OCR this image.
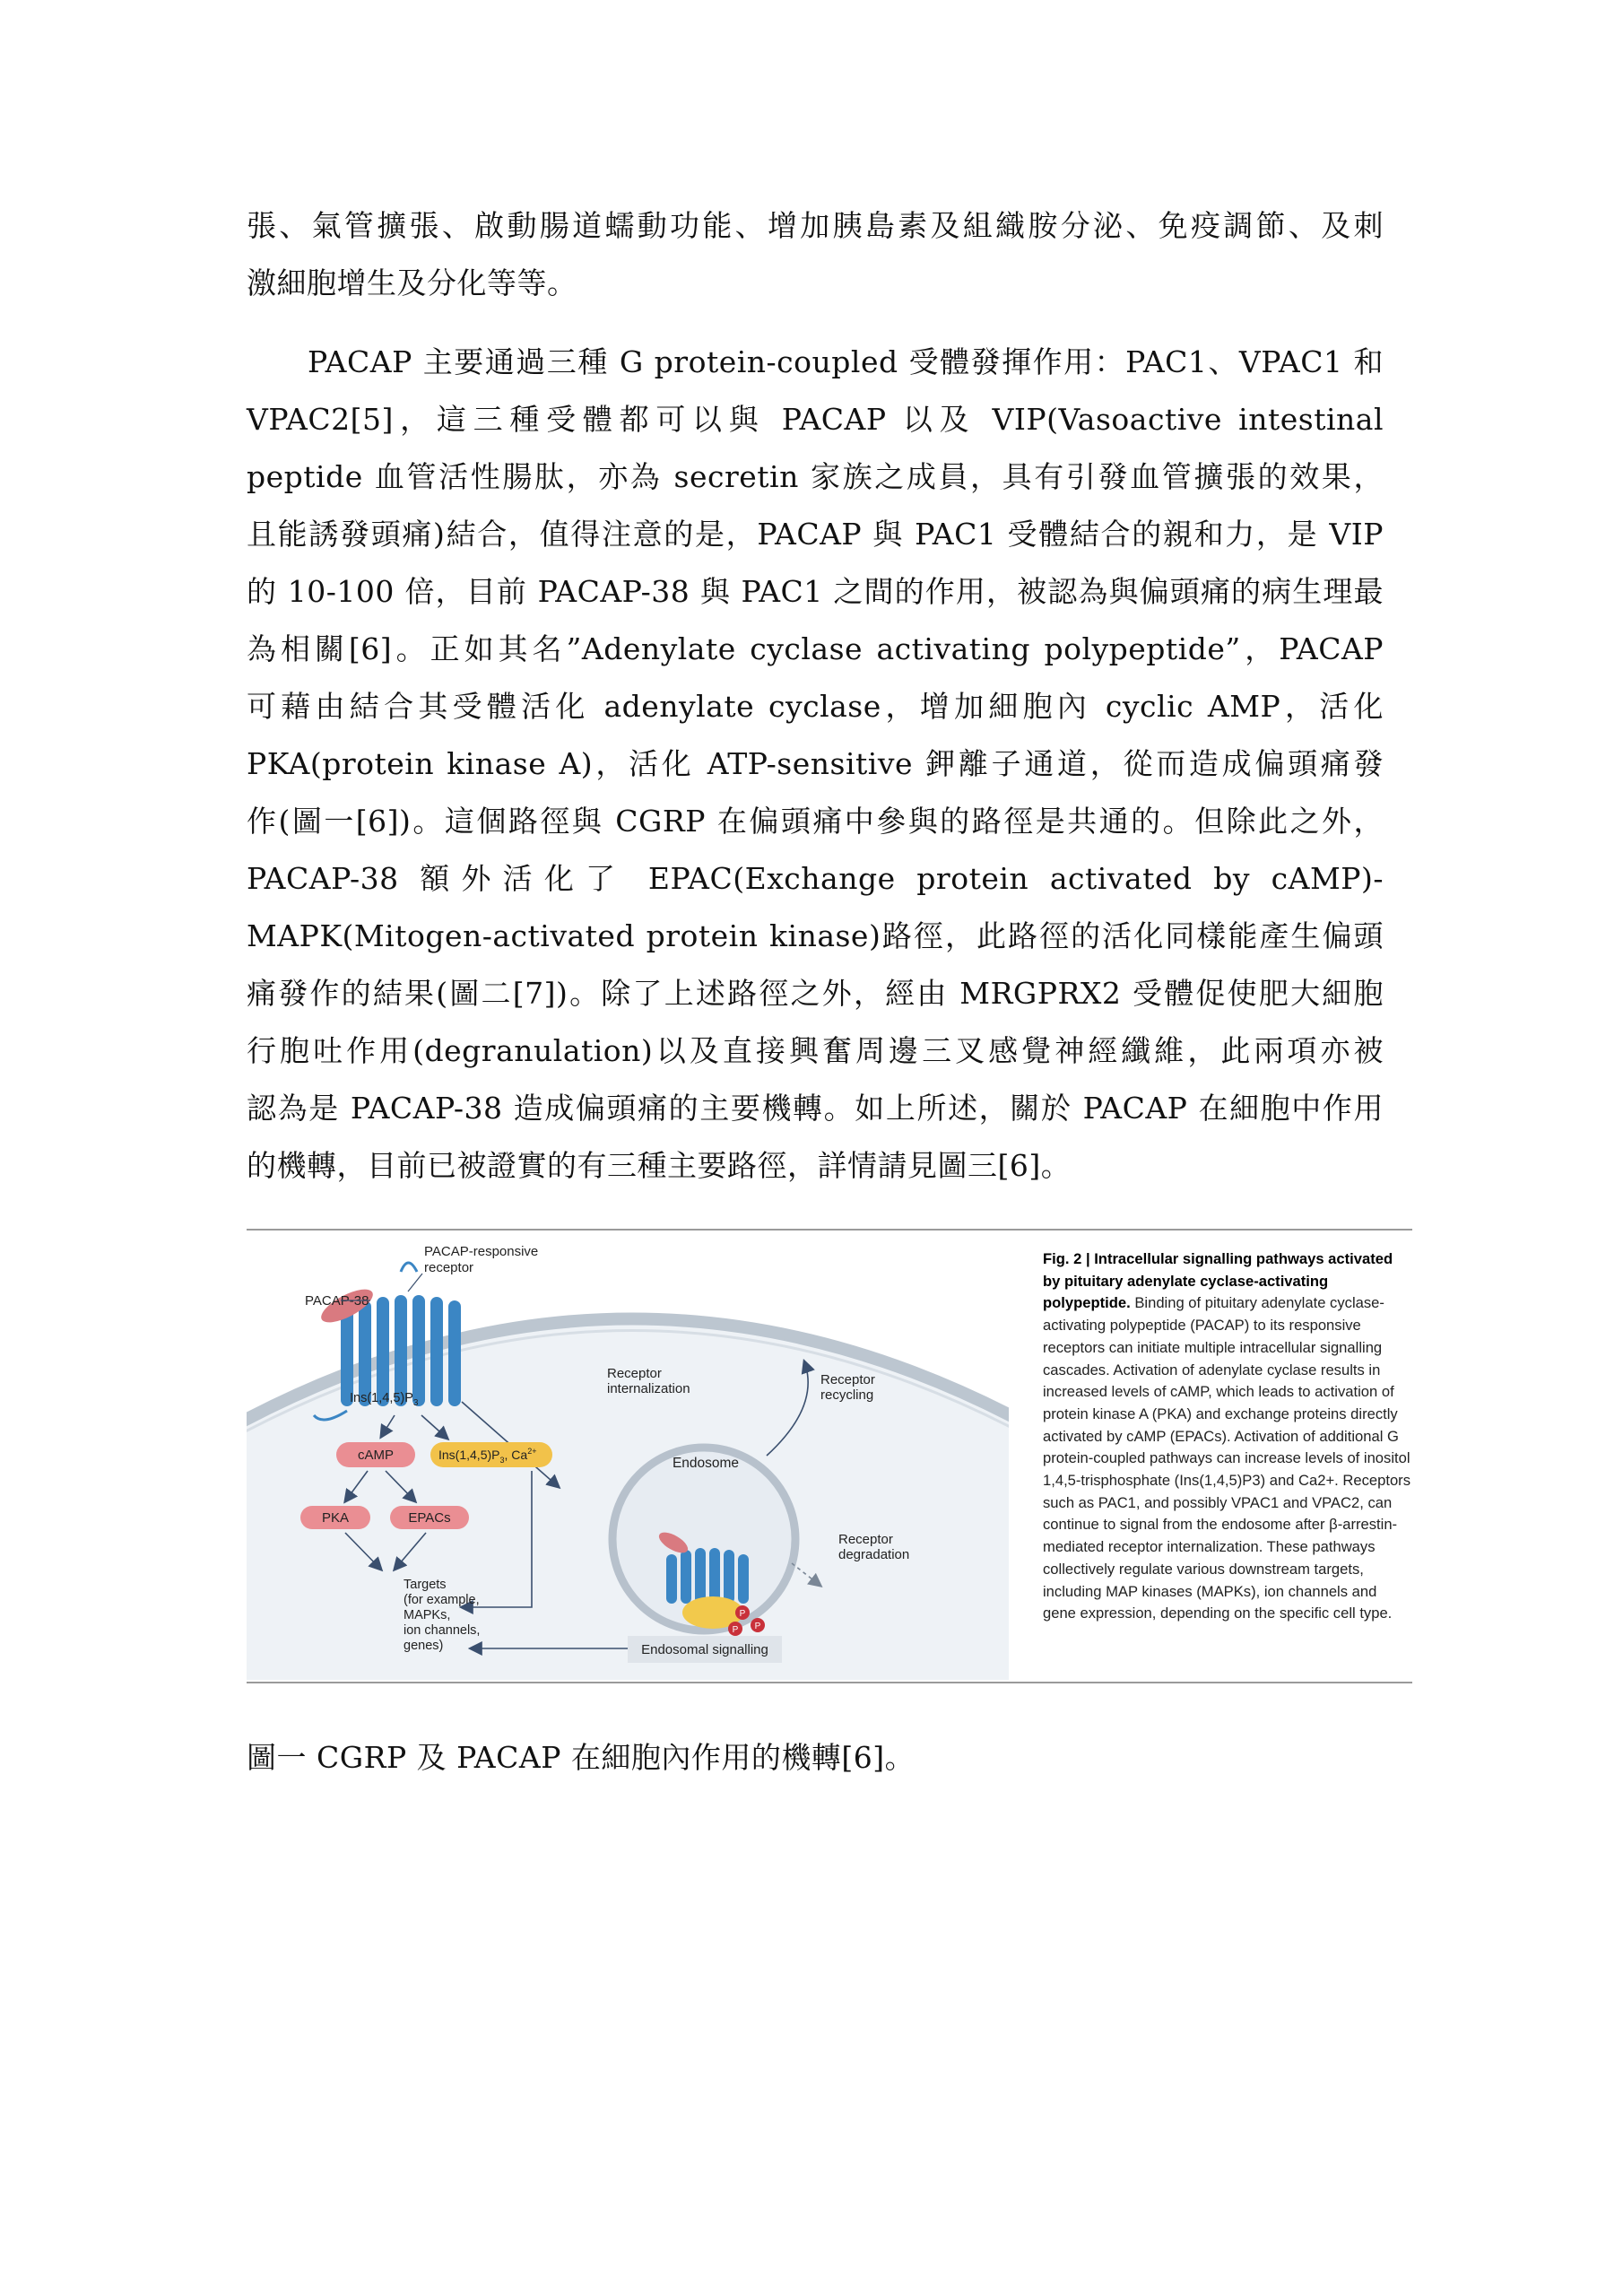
張、氣管擴張、啟動腸道蠕動功能、增加胰島素及組織胺分泌、免疫調節、及刺
激細胞增生及分化等等。
PACAP 主要通過三種 G protein-coupled 受體發揮作用：PAC1、VPAC1 和
VPAC2[5]，這三種受體都可以與 PACAP 以及 VIP(Vasoactive intestinal
peptide 血管活性腸肽，亦為 secretin 家族之成員，具有引發血管擴張的效果，
且能誘發頭痛)結合，值得注意的是，PACAP 與 PAC1 受體結合的親和力，是 VIP
的 10-100 倍，目前 PACAP-38 與 PAC1 之間的作用，被認為與偏頭痛的病生理最
為相關[6]。正如其名”Adenylate cyclase activating polypeptide”，PACAP
可藉由結合其受體活化 adenylate cyclase，增加細胞內 cyclic AMP，活化
PKA(protein kinase A)，活化 ATP-sensitive 鉀離子通道，從而造成偏頭痛發
作(圖一[6])。這個路徑與 CGRP 在偏頭痛中參與的路徑是共通的。但除此之外，
PACAP-38 額外活化了 EPAC(Exchange protein activated by cAMP)-
MAPK(Mitogen-activated protein kinase)路徑，此路徑的活化同樣能產生偏頭
痛發作的結果(圖二[7])。除了上述路徑之外，經由 MRGPRX2 受體促使肥大細胞
行胞吐作用(degranulation)以及直接興奮周邊三叉感覺神經纖維，此兩項亦被
認為是 PACAP-38 造成偏頭痛的主要機轉。如上所述，關於 PACAP 在細胞中作用
的機轉，目前已被證實的有三種主要路徑，詳情請見圖三[6]。
PACAP-responsive
receptor
PACAP-38
$Ins(1,4,5)P_3$
cAMP	$Ins(1,4,5)P_3$, $Ca^{2+}$
PKA	EPACs
Targets (for example, MAPKs, ion channels, genes)
Receptor internalization
Endosome
P
P
P
Receptor recycling
Receptor degradation
Endosomal signalling
Fig. 2 | Intracellular signalling pathways activated by pituitary adenylate cyclase-activating polypeptide. Binding of pituitary adenylate cyclase-activating polypeptide (PACAP) to its responsive receptors can initiate multiple intracellular signalling cascades. Activation of adenylate cyclase results in increased levels of cAMP, which leads to activation of protein kinase A (PKA) and exchange proteins directly activated by cAMP (EPACs). Activation of additional G protein-coupled pathways can increase levels of inositol 1,4,5-trisphosphate (Ins(1,4,5)P3) and Ca2+. Receptors such as PAC1, and possibly VPAC1 and VPAC2, can continue to signal from the endosome after β-arrestin-mediated receptor internalization. These pathways collectively regulate various downstream targets, including MAP kinases (MAPKs), ion channels and gene expression, depending on the specific cell type.
圖一 CGRP 及 PACAP 在細胞內作用的機轉[6]。
